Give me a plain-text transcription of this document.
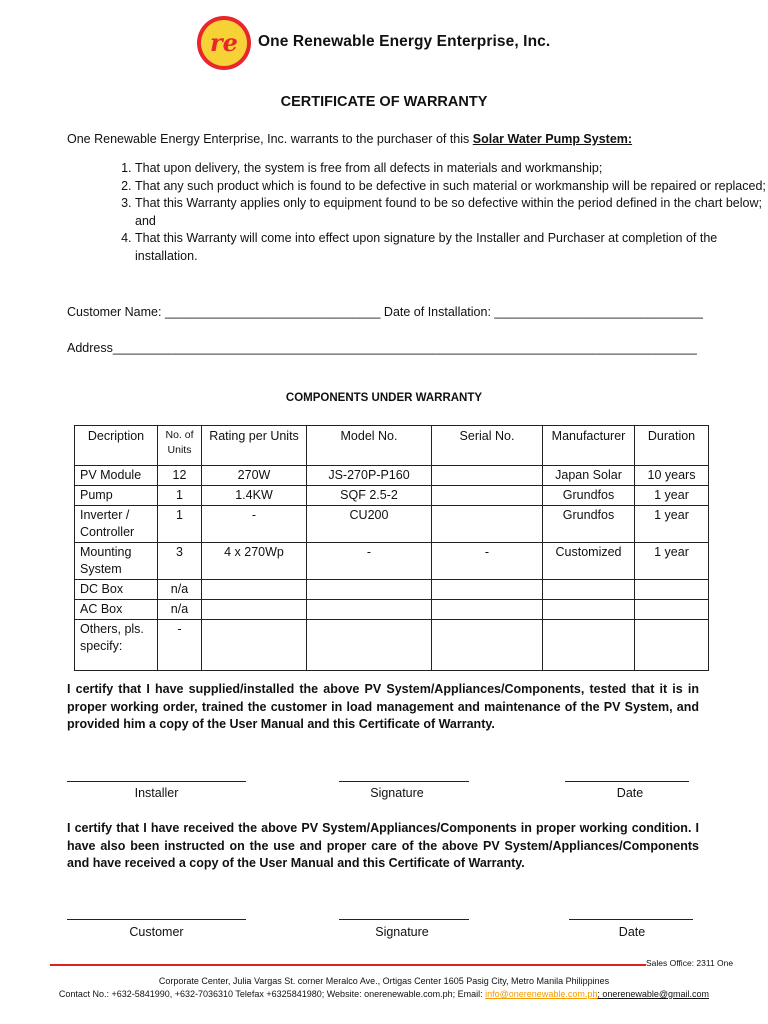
re One Renewable Energy Enterprise, Inc.
CERTIFICATE OF WARRANTY
One Renewable Energy Enterprise, Inc. warrants to the purchaser of this Solar Water Pump System:
1. That upon delivery, the system is free from all defects in materials and workmanship;
2. That any such product which is found to be defective in such material or workmanship will be repaired or replaced;
3. That this Warranty applies only to equipment found to be so defective within the period defined in the chart below; and
4. That this Warranty will come into effect upon signature by the Installer and Purchaser at completion of the installation.
Customer Name: _______________________________ Date of Installation: ______________________________
Address____________________________________________________________________________________
COMPONENTS UNDER WARRANTY
Decription	No. of Units	Rating per Units	Model No.	Serial No.	Manufacturer	Duration
PV Module	12	270W	JS-270P-P160		Japan Solar	10 years
Pump	1	1.4KW	SQF 2.5-2		Grundfos	1 year
Inverter / Controller	1	-	CU200		Grundfos	1 year
Mounting System	3	4 x 270Wp	-	-	Customized	1 year
DC Box	n/a					
AC Box	n/a					
Others, pls. specify:	-					
I certify that I have supplied/installed the above PV System/Appliances/Components, tested that it is in proper working order, trained the customer in load management and maintenance of the PV System, and provided him a copy of the User Manual and this Certificate of Warranty.
Installer	Signature	Date
I certify that I have received the above PV System/Appliances/Components in proper working condition. I have also been instructed on the use and proper care of the above PV System/Appliances/Components and have received a copy of the User Manual and this Certificate of Warranty.
Customer	Signature	Date
Sales Office: 2311 One
Corporate Center, Julia Vargas St. corner Meralco Ave., Ortigas Center 1605 Pasig City, Metro Manila Philippines
Contact No.: +632-5841990, +632-7036310 Telefax +6325841980; Website: onerenewable.com.ph; Email: info@onerenewable.com.ph; onerenewable@gmail.com
